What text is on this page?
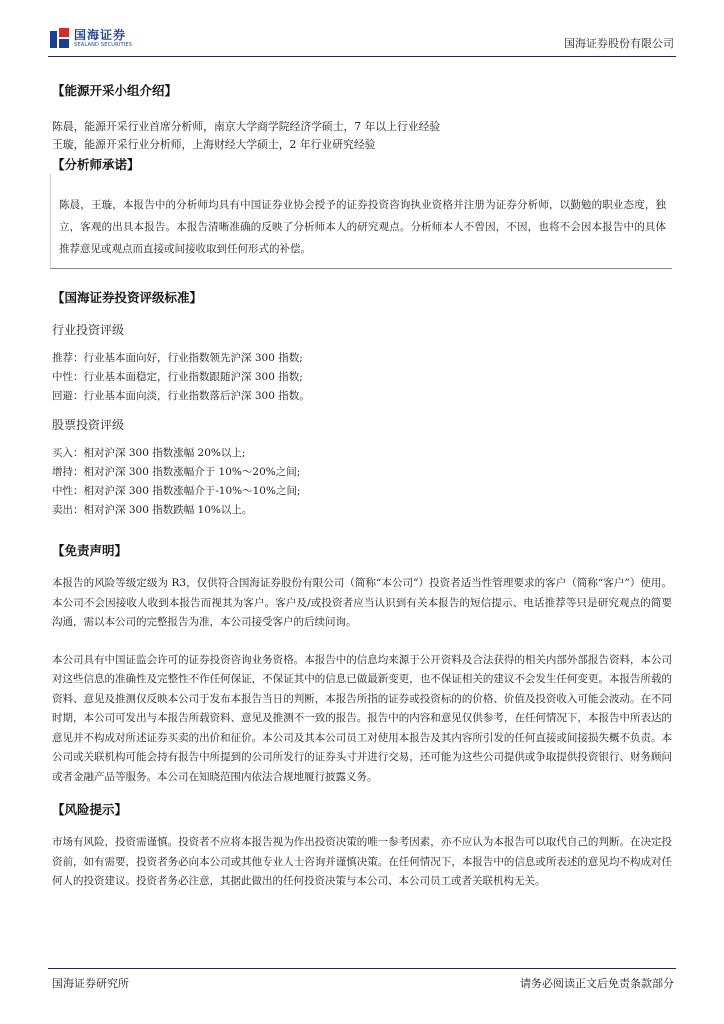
国海证券
SEALAND SECURITIES	国海证券股份有限公司
【能源开采小组介绍】

陈晨，能源开采行业首席分析师，南京大学商学院经济学硕士，7 年以上行业经验

王璇，能源开采行业分析师，上海财经大学硕士，2 年行业研究经验

【分析师承诺】

陈晨，王璇，本报告中的分析师均具有中国证券业协会授予的证券投资咨询执业资格并注册为证券分析师，以勤勉的职业态度，独立，客观的出具本报告。本报告清晰准确的反映了分析师本人的研究观点。分析师本人不曾因，不因，也将不会因本报告中的具体推荐意见或观点而直接或间接收取到任何形式的补偿。

【国海证券投资评级标准】
行业投资评级

推荐：行业基本面向好，行业指数领先沪深 300 指数;

中性：行业基本面稳定，行业指数跟随沪深 300 指数;

回避：行业基本面向淡，行业指数落后沪深 300 指数。

股票投资评级

买入：相对沪深 300 指数涨幅 20%以上;

增持：相对沪深 300 指数涨幅介于 10%～20%之间;

中性：相对沪深 300 指数涨幅介于-10%～10%之间;

卖出：相对沪深 300 指数跌幅 10%以上。

【免责声明】

本报告的风险等级定级为 R3，仅供符合国海证券股份有限公司（简称“本公司”）投资者适当性管理要求的客户（简称“客户”）使用。本公司不会因接收人收到本报告而视其为客户。客户及/或投资者应当认识到有关本报告的短信提示、电话推荐等只是研究观点的简要沟通，需以本公司的完整报告为准，本公司接受客户的后续问询。

本公司具有中国证监会许可的证券投资咨询业务资格。本报告中的信息均来源于公开资料及合法获得的相关内部外部报告资料，本公司对这些信息的准确性及完整性不作任何保证，不保证其中的信息已做最新变更，也不保证相关的建议不会发生任何变更。本报告所载的资料、意见及推测仅反映本公司于发布本报告当日的判断，本报告所指的证券或投资标的的价格、价值及投资收入可能会波动。在不同时期，本公司可发出与本报告所载资料、意见及推测不一致的报告。报告中的内容和意见仅供参考，在任何情况下，本报告中所表达的意见并不构成对所述证券买卖的出价和征价。本公司及其本公司员工对使用本报告及其内容所引发的任何直接或间接损失概不负责。本公司或关联机构可能会持有报告中所提到的公司所发行的证券头寸并进行交易，还可能为这些公司提供或争取提供投资银行、财务顾问或者金融产品等服务。本公司在知晓范围内依法合规地履行披露义务。

【风险提示】

市场有风险，投资需谨慎。投资者不应将本报告视为作出投资决策的唯一参考因素，亦不应认为本报告可以取代自己的判断。在决定投资前，如有需要，投资者务必向本公司或其他专业人士咨询并谨慎决策。在任何情况下，本报告中的信息或所表述的意见均不构成对任何人的投资建议。投资者务必注意，其据此做出的任何投资决策与本公司、本公司员工或者关联机构无关。

国海证券研究所	请务必阅读正文后免责条款部分
